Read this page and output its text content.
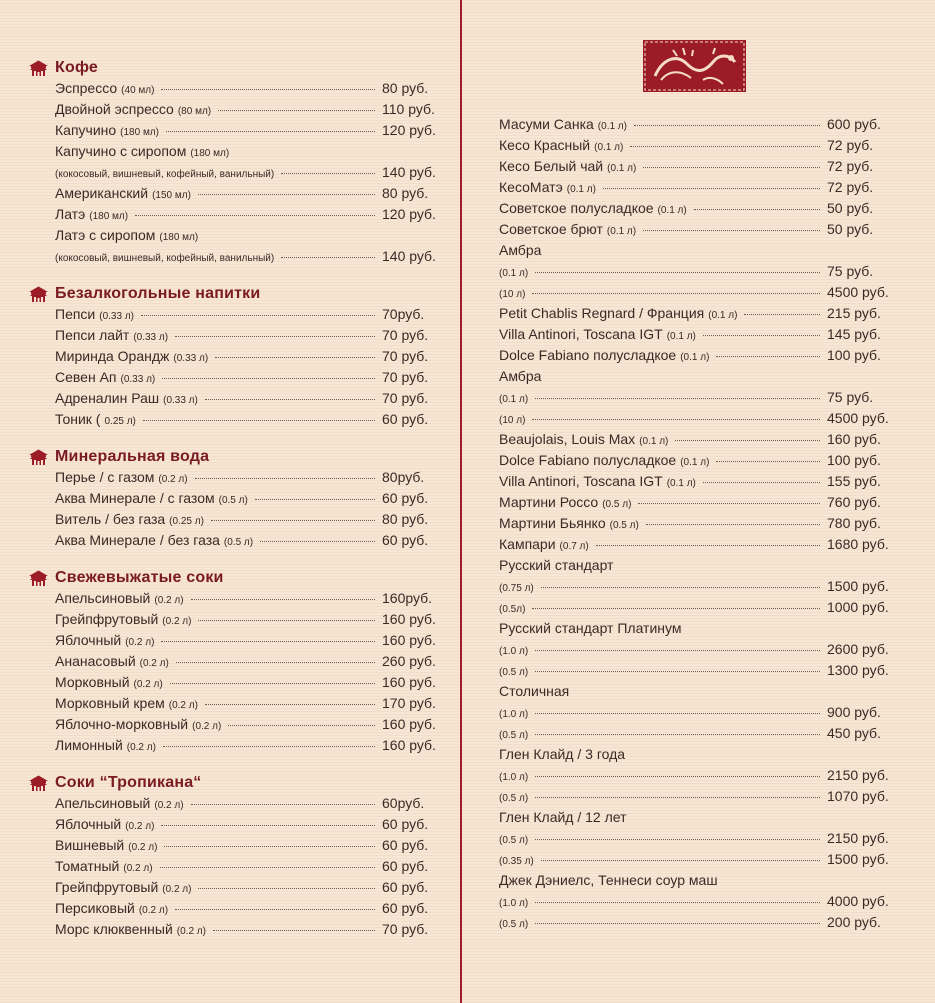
Кофе
Эспрессо (40 мл)	80 руб.
Двойной эспрессо (80 мл)	110 руб.
Капучино (180 мл)	120 руб.
Капучино с сиропом (180 мл)
(кокосовый, вишневый, кофейный, ванильный)	140 руб.
Американский (150 мл)	80 руб.
Латэ (180 мл)	120 руб.
Латэ с сиропом (180 мл)
(кокосовый, вишневый, кофейный, ванильный)	140 руб.
Безалкогольные напитки
Пепси (0.33 л)	70руб.
Пепси лайт (0.33 л)	70 руб.
Миринда Орандж (0.33 л)	70 руб.
Севен Ап (0.33 л)	70 руб.
Адреналин Раш (0.33 л)	70 руб.
Тоник ( 0.25 л)	60 руб.
Минеральная вода
Перье / с газом (0.2 л)	80руб.
Аква Минерале / с газом (0.5 л)	60 руб.
Витель / без газа (0.25 л)	80 руб.
Аква Минерале / без газа (0.5 л)	60 руб.
Свежевыжатые соки
Апельсиновый (0.2 л)	160руб.
Грейпфрутовый (0.2 л)	160 руб.
Яблочный (0.2 л)	160 руб.
Ананасовый (0.2 л)	260 руб.
Морковный (0.2 л)	160 руб.
Морковный крем (0.2 л)	170 руб.
Яблочно-морковный (0.2 л)	160 руб.
Лимонный (0.2 л)	160 руб.
Соки “Тропикана“
Апельсиновый (0.2 л)	60руб.
Яблочный (0.2 л)	60 руб.
Вишневый (0.2 л)	60 руб.
Томатный (0.2 л)	60 руб.
Грейпфрутовый (0.2 л)	60 руб.
Персиковый (0.2 л)	60 руб.
Морс клюквенный (0.2 л)	70 руб.
Масуми Санка (0.1 л)	600 руб.
Кесо Красный (0.1 л)	72 руб.
Кесо Белый чай (0.1 л)	72 руб.
КесоМатэ (0.1 л)	72 руб.
Советское полусладкое (0.1 л)	50 руб.
Советское брют (0.1 л)	50 руб.
Амбра
(0.1 л)	75 руб.
(10 л)	4500 руб.
Petit Chablis Regnard / Франция (0.1 л)	215 руб.
Villa Antinori, Toscana IGT (0.1 л)	145 руб.
Dolce Fabiano полусладкое (0.1 л)	100 руб.
Амбра
(0.1 л)	75 руб.
(10 л)	4500 руб.
Beaujolais, Louis Max (0.1 л)	160 руб.
Dolce Fabiano полусладкое (0.1 л)	100 руб.
Villa Antinori, Toscana IGT (0.1 л)	155 руб.
Мартини Россо (0.5 л)	760 руб.
Мартини Бьянко (0.5 л)	780 руб.
Кампари (0.7 л)	1680 руб.
Русский стандарт
(0.75 л)	1500 руб.
(0.5л)	1000 руб.
Русский стандарт Платинум
(1.0 л)	2600 руб.
(0.5 л)	1300 руб.
Столичная
(1.0 л)	900 руб.
(0.5 л)	450 руб.
Глен Клайд / 3 года
(1.0 л)	2150 руб.
(0.5 л)	1070 руб.
Глен Клайд / 12 лет
(0.5 л)	2150 руб.
(0.35 л)	1500 руб.
Джек Дэниелс, Теннеси соур маш
(1.0 л)	4000 руб.
(0.5 л)	200 руб.
